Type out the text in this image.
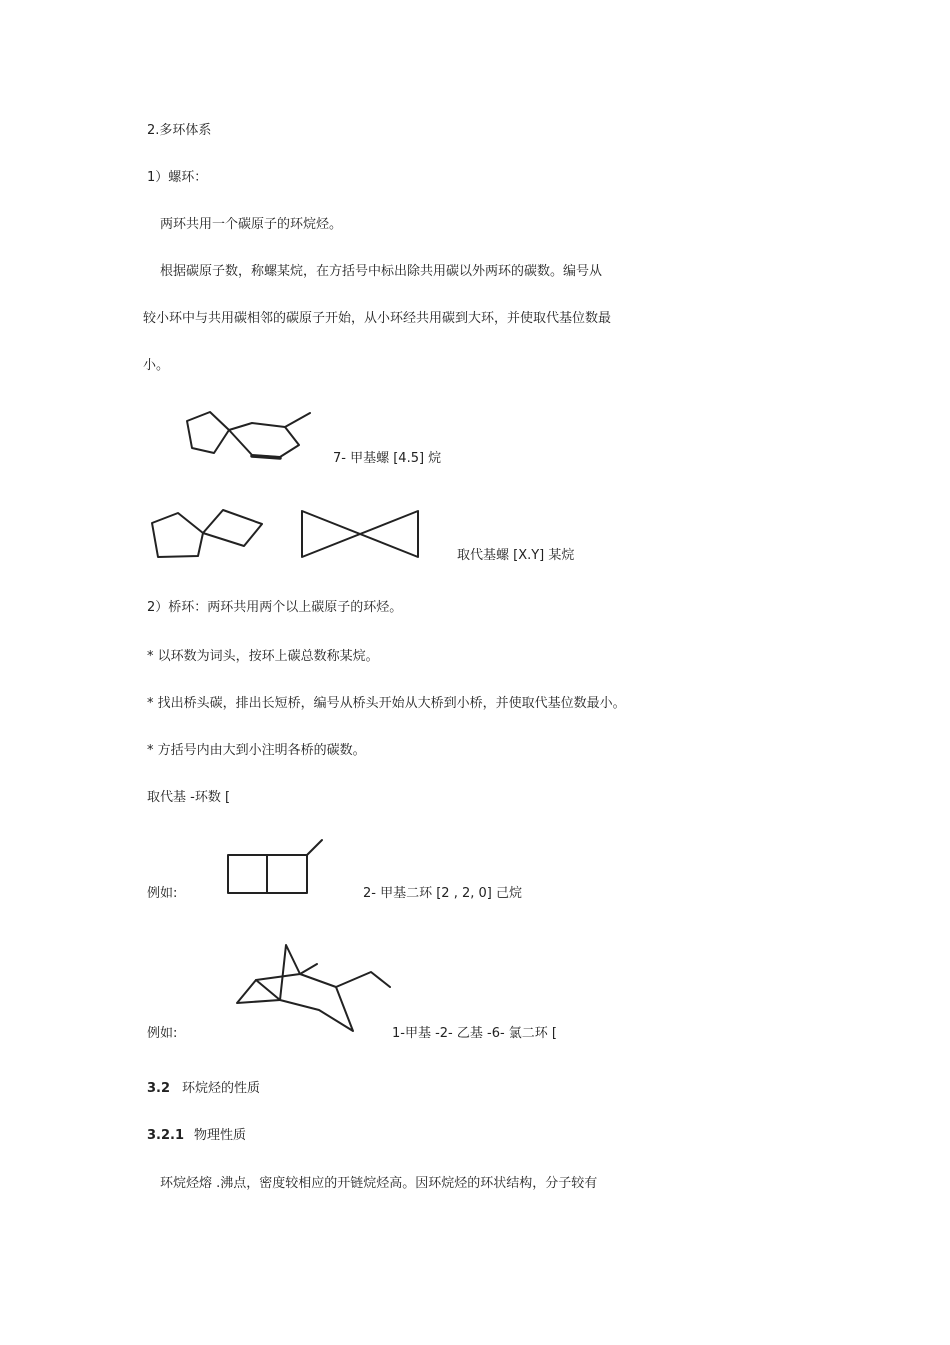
2.多环体系
1）螺环：
两环共用一个碳原子的环烷烃。
根据碳原子数，称螺某烷，在方括号中标出除共用碳以外两环的碳数。编号从
较小环中与共用碳相邻的碳原子开始，从小环经共用碳到大环，并使取代基位数最
小。
7- 甲基螺 [4.5] 烷
取代基螺 [X.Y] 某烷
2）桥环：两环共用两个以上碳原子的环烃。
* 以环数为词头，按环上碳总数称某烷。
* 找出桥头碳，排出长短桥，编号从桥头开始从大桥到小桥，并使取代基位数最小。
* 方括号内由大到小注明各桥的碳数。
取代基 -环数 [
例如:	2- 甲基二环 [2 , 2, 0] 己烷
例如:	1-甲基 -2- 乙基 -6- 氯二环 [
3.2 环烷烃的性质
3.2.1 物理性质
环烷烃熔 .沸点，密度较相应的开链烷烃高。因环烷烃的环状结构，分子较有
